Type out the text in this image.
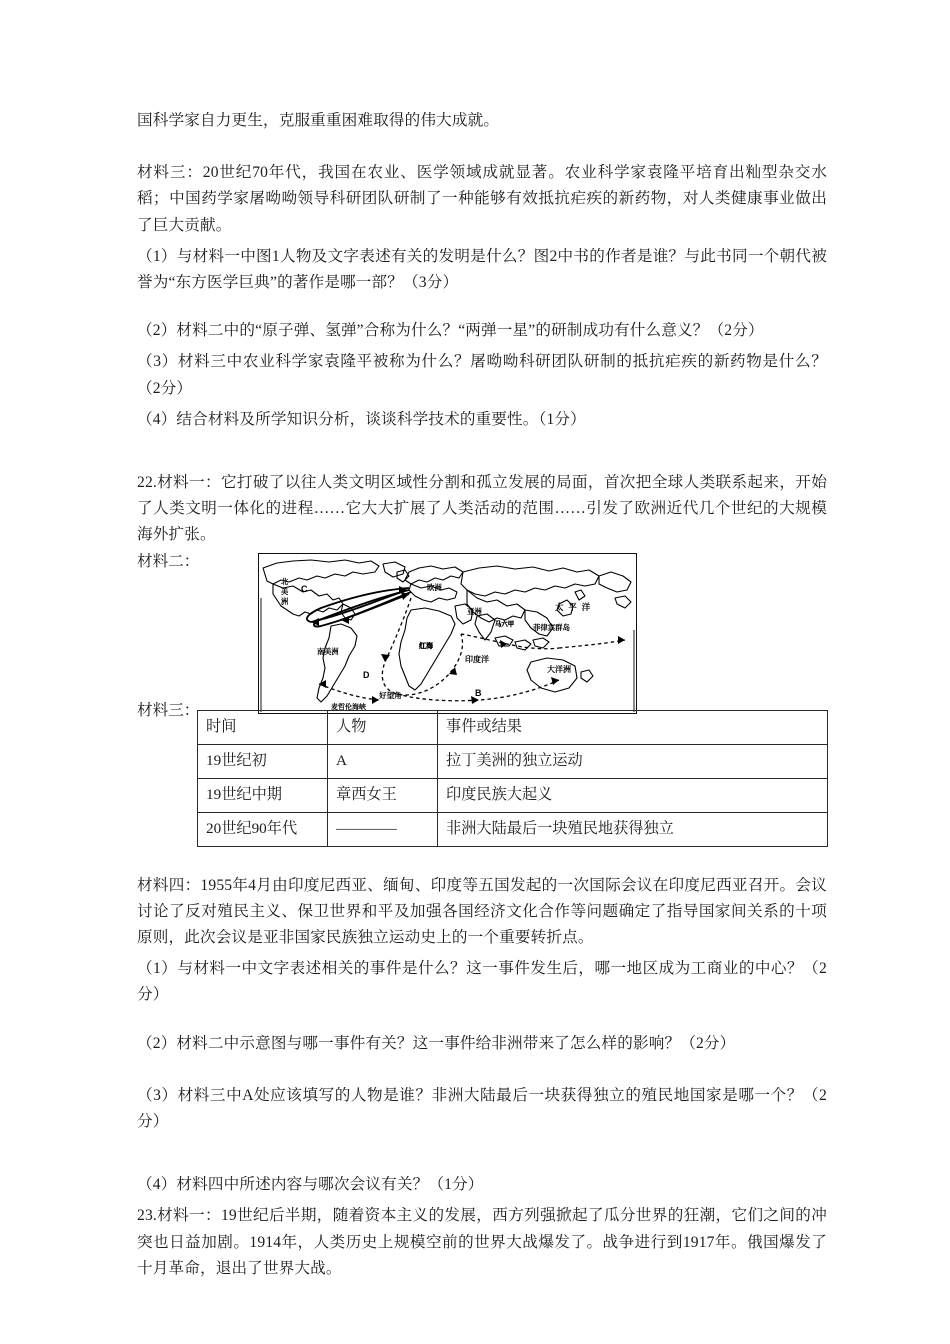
国科学家自力更生，克服重重困难取得的伟大成就。

材料三：20世纪70年代，我国在农业、医学领域成就显著。农业科学家袁隆平培育出籼型杂交水稻；中国药学家屠呦呦领导科研团队研制了一种能够有效抵抗疟疾的新药物，对人类健康事业做出了巨大贡献。

（1）与材料一中图1人物及文字表述有关的发明是什么？图2中书的作者是谁？与此书同一个朝代被誉为“东方医学巨典”的著作是哪一部？（3分）

（2）材料二中的“原子弹、氢弹”合称为什么？“两弹一星”的研制成功有什么意义？（2分）

（3）材料三中农业科学家袁隆平被称为什么？屠呦呦科研团队研制的抵抗疟疾的新药物是什么？（2分）

（4）结合材料及所学知识分析，谈谈科学技术的重要性。（1分）

22.材料一：它打破了以往人类文明区域性分割和孤立发展的局面，首次把全球人类联系起来，开始了人类文明一体化的进程……它大大扩展了人类活动的范围……引发了欧洲近代几个世纪的大规模海外扩张。

材料二：
材料三：
北
美
洲
欧洲
亚洲	太平洋
菲律宾群岛
南美洲
红海
印度洋
大洋洲
好望角
麦哲伦海峡
马六甲
C
D
B
时间	人物	事件或结果
19世纪初	A	拉丁美洲的独立运动
19世纪中期	章西女王	印度民族大起义
20世纪90年代	————	非洲大陆最后一块殖民地获得独立

材料四：1955年4月由印度尼西亚、缅甸、印度等五国发起的一次国际会议在印度尼西亚召开。会议讨论了反对殖民主义、保卫世界和平及加强各国经济文化合作等问题确定了指导国家间关系的十项原则，此次会议是亚非国家民族独立运动史上的一个重要转折点。

（1）与材料一中文字表述相关的事件是什么？这一事件发生后，哪一地区成为工商业的中心？（2分）

（2）材料二中示意图与哪一事件有关？这一事件给非洲带来了怎么样的影响？（2分）

（3）材料三中A处应该填写的人物是谁？非洲大陆最后一块获得独立的殖民地国家是哪一个？（2分）

（4）材料四中所述内容与哪次会议有关？（1分）

23.材料一：19世纪后半期，随着资本主义的发展，西方列强掀起了瓜分世界的狂潮，它们之间的冲突也日益加剧。1914年，人类历史上规模空前的世界大战爆发了。战争进行到1917年。俄国爆发了十月革命，退出了世界大战。
